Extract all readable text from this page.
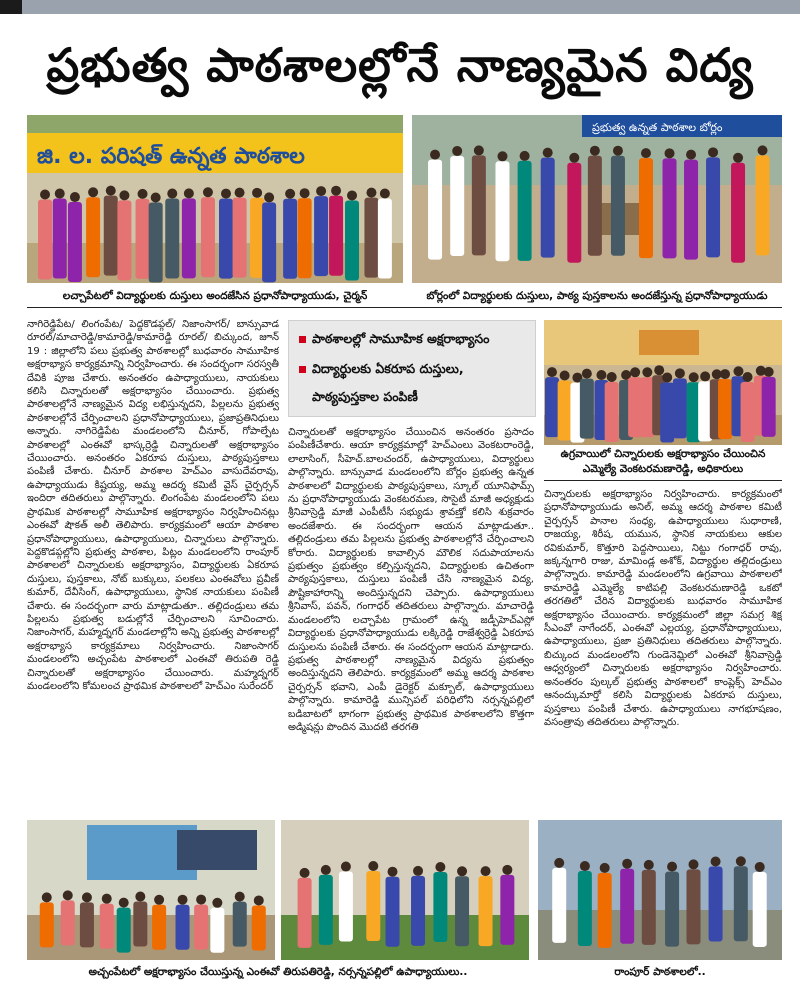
ప్రభుత్వ పాఠశాలల్లోనే నాణ్యమైన విద్య
జి. ల. పరిషత్ ఉన్నత పాఠశాల
లచ్చాపేటలో విద్యార్థులకు దుస్తులు అందజేసిన ప్రధానోపాధ్యాయుడు, చైర్మన్
ప్రభుత్వ ఉన్నత పాఠశాల బోర్లం
బోర్లంలో విద్యార్థులకు దుస్తులు, పాఠ్య పుస్తకాలను అందజేస్తున్న ప్రధానోపాధ్యాయుడు

నాగిరెడ్డిపేట/ లింగంపేట/ పెద్దకొడప్గల్/ నిజాంసాగర్/ బాన్సువాడ రూరల్/మాచారెడ్డి/కామారెడ్డి/కామారెడ్డి రూరల్/ బిచ్కుంద, జూన్ 19 : జిల్లాలోని పలు ప్రభుత్వ పాఠశాలల్లో బుధవారం సామూహిక అక్షరాభ్యాస కార్యక్రమాన్ని నిర్వహించారు. ఈ సందర్భంగా సరస్వతీ దేవికి పూజ చేశారు. అనంతరం ఉపాధ్యాయులు, నాయకులు కలిసి చిన్నారులతో అక్షరాభ్యాసం చేయించారు. ప్రభుత్వ పాఠశాలల్లోనే నాణ్యమైన విద్య లభిస్తున్నదని, పిల్లలను ప్రభుత్వ పాఠశాలల్లోనే చేర్పించాలని ప్రధానోపాధ్యాయులు, ప్రజాప్రతినిధులు అన్నారు. నాగిరెడ్డిపేట మండలంలోని చీనూర్, గోపాల్పేట పాఠశాలల్లో ఎంఈవో భాస్కర్రెడ్డి చిన్నారులతో అక్షరాభ్యాసం చేయించారు. అనంతరం ఏకరూప దుస్తులు, పాఠ్యపుస్తకాలు పంపిణీ చేశారు. చీనూర్ పాఠశాల హెచ్ఎం వాసుదేవరావు, ఉపాధ్యాయుడు కిష్టయ్య, అమ్మ ఆదర్శ కమిటీ వైస్ చైర్పర్సన్ ఇందిరా తదితరులు పాల్గొన్నారు. లింగంపేట మండలంలోని పలు ప్రాథమిక పాఠశాలల్లో సామూహిక అక్షరాభ్యాసం నిర్వహించినట్లు ఎంఈవో షౌకత్ అలీ తెలిపారు. కార్యక్రమంలో ఆయా పాఠశాల ప్రధానోపాధ్యాయులు, ఉపాధ్యాయులు, చిన్నారులు పాల్గొన్నారు. పెద్దకొడప్గల్లోని ప్రభుత్వ పాఠశాల, పిట్లం మండలంలోని రాంపూర్ పాఠశాలలో చిన్నారులకు అక్షరాభ్యాసం, విద్యార్థులకు ఏకరూప దుస్తులు, పుస్తకాలు, నోట్ బుక్కులు, పలకలు ఎంఈవోలు ప్రవీణ్ కుమార్, దేవీసింగ్, ఉపాధ్యాయులు, స్థానిక నాయకులు పంపిణీ చేశారు. ఈ సందర్భంగా వారు మాట్లాడుతూ.. తల్లిదండ్రులు తమ పిల్లలను ప్రభుత్వ బడుల్లోనే చేర్పించాలని సూచించారు. నిజాంసాగర్, మహ్మద్నగర్ మండలాల్లోని అన్ని ప్రభుత్వ పాఠశాలల్లో అక్షరాభ్యాస కార్యక్రమాలు నిర్వహించారు. నిజాంసాగర్ మండలంలోని అచ్చంపేట పాఠశాలలో ఎంఈవో తిరుపతి రెడ్డి చిన్నారులతో అక్షరాభ్యాసం చేయించారు. మహ్మద్నగర్ మండలంలోని కోమలంచ ప్రాథమిక పాఠశాలలో హెచ్ఎం సురేందర్

పాఠశాలల్లో సామూహిక అక్షరాభ్యాసం
విద్యార్థులకు ఏకరూప దుస్తులు,
పాఠ్యపుస్తకాల పంపిణీ

చిన్నారులతో అక్షరాభ్యాసం చేయించిన అనంతరం ప్రసాదం పంపిణీచేశారు. ఆయా కార్యక్రమాల్లో హెచ్ఎంలు వెంకటరాంరెడ్డి, లాలాసింగ్, సీహెచ్.బాలచందర్, ఉపాధ్యాయులు, విద్యార్థులు పాల్గొన్నారు. బాన్సువాడ మండలంలోని బోర్లం ప్రభుత్వ ఉన్నత పాఠశాలలో విద్యార్థులకు పాఠ్యపుస్తకాలు, స్కూల్ యూనిఫామ్స్ ను ప్రధానోపాధ్యాయుడు వెంకటరమణ, సొసైటీ మాజీ అధ్యక్షుడు శ్రీనివాస్రెడ్డి మాజీ ఎంపీటీసీ సభ్యుడు శ్రావణ్తో కలిసి శుక్రవారం అందజేశారు. ఈ సందర్భంగా ఆయన మాట్లాడుతూ.. తల్లిదండ్రులు తమ పిల్లలను ప్రభుత్వ పాఠశాలల్లోనే చేర్పించాలని కోరారు. విద్యార్థులకు కావాల్సిన మౌలిక సదుపాయాలను ప్రభుత్వం ప్రభుత్వం కల్పిస్తున్నదని, విద్యార్థులకు ఉచితంగా పాఠ్యపుస్తకాలు, దుస్తులు పంపిణీ చేసి నాణ్యమైన విద్య, పౌష్టికాహారాన్ని అందిస్తున్నదని చెప్పారు. ఉపాధ్యాయులు శ్రీనివాస్, పవన్, గంగాధర్ తదితరులు పాల్గొన్నారు. మాచారెడ్డి మండలంలోని లచ్చాపేట గ్రామంలో ఉన్న జడ్పీహెచ్ఎస్లో విద్యార్థులకు ప్రధానోపాధ్యాయుడు లక్కిరెడ్డి రాజేశ్వర్రెడ్డి ఏకరూప దుస్తులను పంపిణీ చేశారు. ఈ సందర్భంగా ఆయన మాట్లాడారు. ప్రభుత్వ పాఠశాలల్లో నాణ్యమైన విద్యను ప్రభుత్వం అందిస్తున్నదని తెలిపారు. కార్యక్రమంలో అమ్మ ఆదర్శ పాఠశాల చైర్పర్సన్ భవాని, ఎంపీ డైరెక్టర్ మక్బూల్, ఉపాధ్యాయులు పాల్గొన్నారు. కామారెడ్డి మున్సిపల్ పరిధిలోని నర్సన్నపల్లిలో బడిబాటలో భాగంగా ప్రభుత్వ ప్రాథమిక పాఠశాలలోని కొత్తగా అడ్మిషన్లు పొందిన మొదటి తరగతి

ఉగ్రవాయిలో చిన్నారులకు అక్షరాభ్యాసం చేయించిన
ఎమ్మెల్యే వెంకటరమణారెడ్డి, అధికారులు

చిన్నారులకు అక్షరాభ్యాసం నిర్వహించారు. కార్యక్రమంలో ప్రధానోపాధ్యాయుడు అనిల్, అమ్మ ఆదర్శ పాఠశాల కమిటీ చైర్పర్సన్ పానాల సంధ్య, ఉపాధ్యాయులు సుధారాణి, రాజయ్య, శిరీష, యమున, స్థానిక నాయకులు ఆకుల రవికుమార్, కొత్తూరి పెద్దసాయిలు, నిట్టు గంగాధర్ రావు, జక్కన్నగారి రాజు, మామిండ్ల అశోక్, విద్యార్థుల తల్లిదండ్రులు పాల్గొన్నారు. కామారెడ్డి మండలంలోని ఉగ్రవాయి పాఠశాలలో కామారెడ్డి ఎమ్మెల్యే కాటిపల్లి వెంకటరమణారెడ్డి ఒకటో తరగతిలో చేరిన విద్యార్థులకు బుధవారం సామూహిక అక్షరాభ్యాసం చేయించారు. కార్యక్రమంలో జిల్లా సమగ్ర శిక్ష సీఎంవో నాగేందర్, ఎంఈవో ఎల్లయ్య, ప్రధానోపాధ్యాయులు, ఉపాధ్యాయులు, ప్రజా ప్రతినిధులు తదితరులు పాల్గొన్నారు. బిచ్కుంద మండలంలోని గుండెనెమ్లిలో ఎంఈవో శ్రీనివాస్రెడ్డి ఆధ్వర్యంలో చిన్నారులకు అక్షరాభ్యాసం నిర్వహించారు. అనంతరం పుల్కల్ ప్రభుత్వ పాఠశాలలో కాంప్లెక్స్ హెచ్ఎం ఆనంద్కుమార్తో కలిసి విద్యార్థులకు ఏకరూప దుస్తులు, పుస్తకాలు పంపిణీ చేశారు. ఉపాధ్యాయులు నాగభూషణం, వసంత్రావు తదితరులు పాల్గొన్నారు.

అచ్చంపేటలో అక్షరాభ్యాసం చేయిస్తున్న ఎంఈవో తిరుపతిరెడ్డి, నర్సన్నపల్లిలో ఉపాధ్యాయులు..	రాంపూర్ పాఠశాలలో..
